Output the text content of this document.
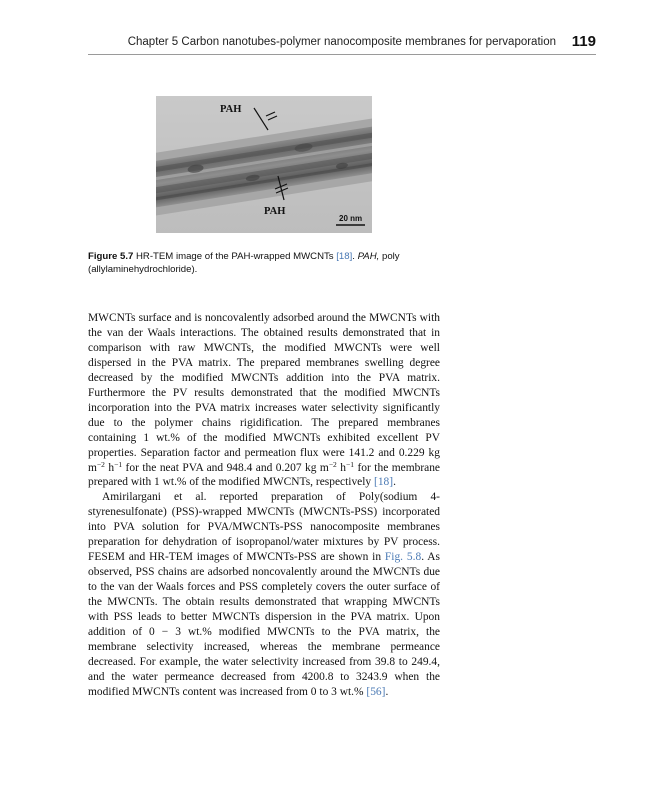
Chapter 5 Carbon nanotubes-polymer nanocomposite membranes for pervaporation 119
PAH
PAH
20 nm
Figure 5.7 HR-TEM image of the PAH-wrapped MWCNTs [18]. PAH, poly (allylaminehydrochloride).

MWCNTs surface and is noncovalently adsorbed around the MWCNTs with the van der Waals interactions. The obtained results demonstrated that in comparison with raw MWCNTs, the modified MWCNTs were well dispersed in the PVA matrix. The prepared membranes swelling degree decreased by the modified MWCNTs addition into the PVA matrix. Furthermore the PV results demonstrated that the modified MWCNTs incorporation into the PVA matrix increases water selectivity significantly due to the polymer chains rigidification. The prepared membranes containing 1 wt.% of the modified MWCNTs exhibited excellent PV properties. Separation factor and permeation flux were 141.2 and 0.229 kg $m^{-2}$ $h^{-1}$ for the neat PVA and 948.4 and 0.207 kg $m^{-2}$ $h^{-1}$ for the membrane prepared with 1 wt.% of the modified MWCNTs, respectively [18].

Amirilargani et al. reported preparation of Poly(sodium 4-styrenesulfonate) (PSS)-wrapped MWCNTs (MWCNTs-PSS) incorporated into PVA solution for PVA/MWCNTs-PSS nanocomposite membranes preparation for dehydration of isopropanol/water mixtures by PV process. FESEM and HR-TEM images of MWCNTs-PSS are shown in Fig. 5.8. As observed, PSS chains are adsorbed noncovalently around the MWCNTs due to the van der Waals forces and PSS completely covers the outer surface of the MWCNTs. The obtain results demonstrated that wrapping MWCNTs with PSS leads to better MWCNTs dispersion in the PVA matrix. Upon addition of 0 − 3 wt.% modified MWCNTs to the PVA matrix, the membrane selectivity increased, whereas the membrane permeance decreased. For example, the water selectivity increased from 39.8 to 249.4, and the water permeance decreased from 4200.8 to 3243.9 when the modified MWCNTs content was increased from 0 to 3 wt.% [56].
